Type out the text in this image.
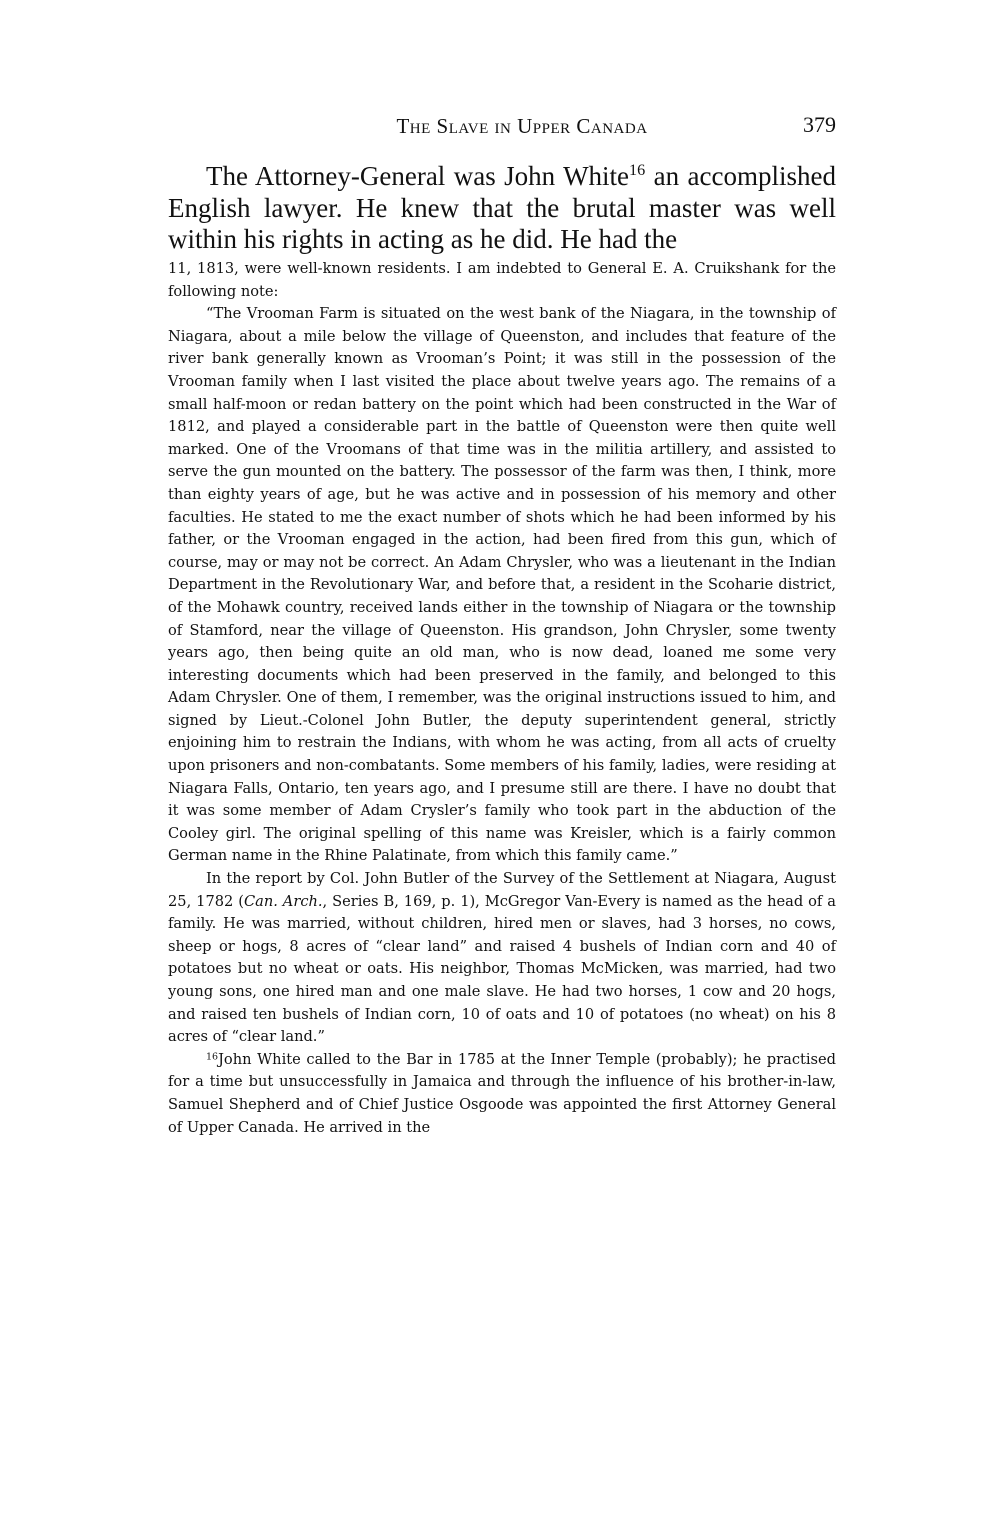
The Slave in Upper Canada	379

The Attorney-General was John White$^{16}$ an accomplished English lawyer. He knew that the brutal master was well within his rights in acting as he did. He had the

11, 1813, were well-known residents. I am indebted to General E. A. Cruikshank for the following note:

“The Vrooman Farm is situated on the west bank of the Niagara, in the township of Niagara, about a mile below the village of Queenston, and includes that feature of the river bank generally known as Vrooman’s Point; it was still in the possession of the Vrooman family when I last visited the place about twelve years ago. The remains of a small half-moon or redan battery on the point which had been constructed in the War of 1812, and played a considerable part in the battle of Queenston were then quite well marked. One of the Vroomans of that time was in the militia artillery, and assisted to serve the gun mounted on the battery. The possessor of the farm was then, I think, more than eighty years of age, but he was active and in possession of his memory and other faculties. He stated to me the exact number of shots which he had been informed by his father, or the Vrooman engaged in the action, had been fired from this gun, which of course, may or may not be correct. An Adam Chrysler, who was a lieutenant in the Indian Department in the Revolutionary War, and before that, a resident in the Scoharie district, of the Mohawk country, received lands either in the township of Niagara or the township of Stamford, near the village of Queenston. His grandson, John Chrysler, some twenty years ago, then being quite an old man, who is now dead, loaned me some very interesting documents which had been preserved in the family, and belonged to this Adam Chrysler. One of them, I remember, was the original instructions issued to him, and signed by Lieut.-Colonel John Butler, the deputy superintendent general, strictly enjoining him to restrain the Indians, with whom he was acting, from all acts of cruelty upon prisoners and non-combatants. Some members of his family, ladies, were residing at Niagara Falls, Ontario, ten years ago, and I presume still are there. I have no doubt that it was some member of Adam Crysler’s family who took part in the abduction of the Cooley girl. The original spelling of this name was Kreisler, which is a fairly common German name in the Rhine Palatinate, from which this family came.”

In the report by Col. John Butler of the Survey of the Settlement at Niagara, August 25, 1782 (Can. Arch., Series B, 169, p. 1), McGregor Van-Every is named as the head of a family. He was married, without children, hired men or slaves, had 3 horses, no cows, sheep or hogs, 8 acres of “clear land” and raised 4 bushels of Indian corn and 40 of potatoes but no wheat or oats. His neighbor, Thomas McMicken, was married, had two young sons, one hired man and one male slave. He had two horses, 1 cow and 20 hogs, and raised ten bushels of Indian corn, 10 of oats and 10 of potatoes (no wheat) on his 8 acres of “clear land.”

$^{16}$John White called to the Bar in 1785 at the Inner Temple (probably); he practised for a time but unsuccessfully in Jamaica and through the influence of his brother-in-law, Samuel Shepherd and of Chief Justice Osgoode was appointed the first Attorney General of Upper Canada. He arrived in the
